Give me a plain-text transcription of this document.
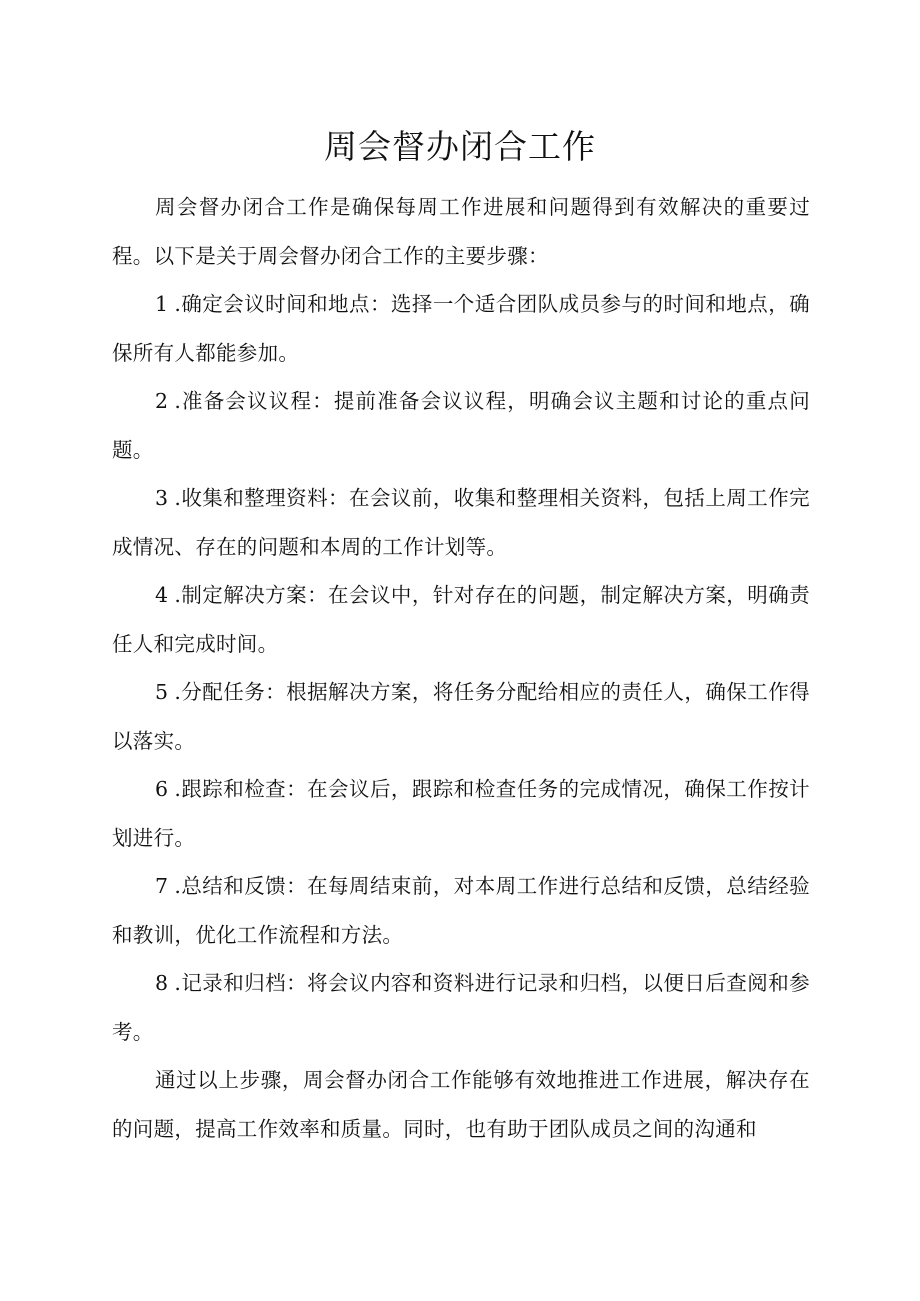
周会督办闭合工作

周会督办闭合工作是确保每周工作进展和问题得到有效解决的重要过程。以下是关于周会督办闭合工作的主要步骤：

1 .确定会议时间和地点：选择一个适合团队成员参与的时间和地点，确保所有人都能参加。

2 .准备会议议程：提前准备会议议程，明确会议主题和讨论的重点问题。

3 .收集和整理资料：在会议前，收集和整理相关资料，包括上周工作完成情况、存在的问题和本周的工作计划等。

4 .制定解决方案：在会议中，针对存在的问题，制定解决方案，明确责任人和完成时间。

5 .分配任务：根据解决方案，将任务分配给相应的责任人，确保工作得以落实。

6 .跟踪和检查：在会议后，跟踪和检查任务的完成情况，确保工作按计划进行。

7 .总结和反馈：在每周结束前，对本周工作进行总结和反馈，总结经验和教训，优化工作流程和方法。

8 .记录和归档：将会议内容和资料进行记录和归档，以便日后查阅和参考。

通过以上步骤，周会督办闭合工作能够有效地推进工作进展，解决存在的问题，提高工作效率和质量。同时，也有助于团队成员之间的沟通和
